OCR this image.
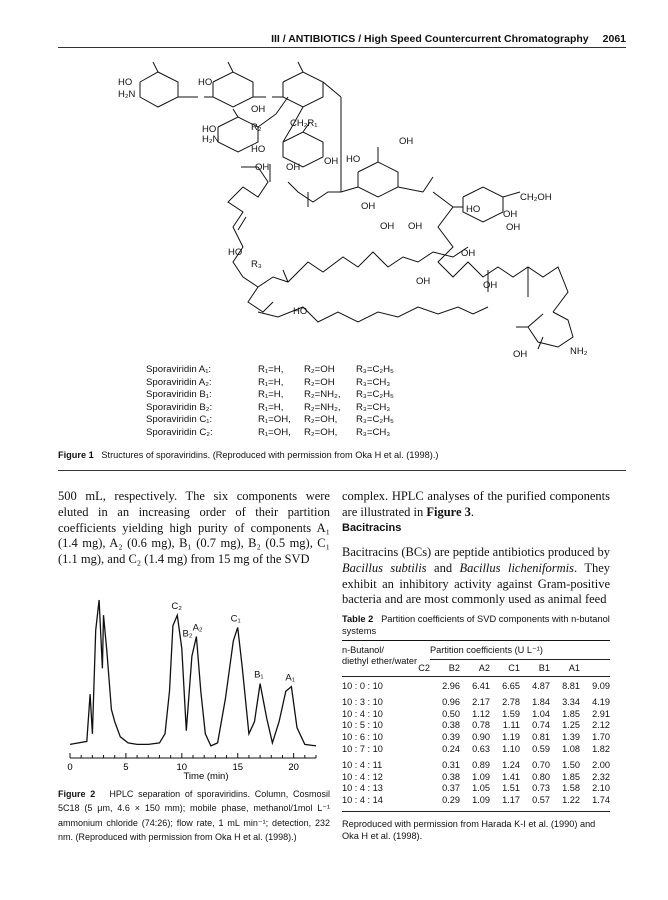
III / ANTIBIOTICS / High Speed Countercurrent Chromatography 2061
HO
H₂N
HO
OH
HO
H₂N
R₂
HO
CH₂R₁
OH
OH OH
HO
OH
OH
CH₂OH
HO OH
OH
OH OH
HO
R₃
OH
OH	OH
HO
NH₂
OH
Sporaviridin A₁:	R₁=H, R₂=OH R₃=C₂H₅
Sporaviridin A₂:	R₁=H, R₂=OH R₃=CH₃
Sporaviridin B₁:	R₁=H, R₂=NH₂, R₃=C₂H₅
Sporaviridin B₂:	R₁=H, R₂=NH₂, R₃=CH₃
Sporaviridin C₁:	R₁=OH, R₂=OH, R₃=C₂H₅
Sporaviridin C₂:	R₁=OH, R₂=OH, R₃=CH₃
Figure 1 Structures of sporaviridins. (Reproduced with permission from Oka H et al. (1998).)
500 mL, respectively. The six components were eluted in an increasing order of their partition coefficients yielding high purity of components A₁ (1.4 mg), A₂ (0.6 mg), B₁ (0.7 mg), B₂ (0.5 mg), C₁ (1.1 mg), and C₂ (1.4 mg) from 15 mg of the SVD
complex. HPLC analyses of the purified components are illustrated in Figure 3.
Bacitracins
Bacitracins (BCs) are peptide antibiotics produced by Bacillus subtilis and Bacillus licheniformis. They exhibit an inhibitory activity against Gram-positive bacteria and are most commonly used as animal feed
0	5	10	15	20
C₂
B₂
A₂
C₁
B₁ A₁
Time (min)
Figure 2 HPLC separation of sporaviridins. Column, Cosmosil 5C18 (5 μm, 4.6 × 150 mm); mobile phase, methanol/1mol L⁻¹ ammonium chloride (74:26); flow rate, 1 mL min⁻¹; detection, 232 nm. (Reproduced with permission from Oka H et al. (1998).)
Table 2 Partition coefficients of SVD components with n-butanol systems
n-Butanol/
diethyl ether/water
Partition coefficients (U L⁻¹)
C2	B2	A2	C1	B1	A1
10 : 0 : 10	2.96	6.41	6.65	4.87	8.81	9.09
10 : 3 : 10	0.96	2.17	2.78	1.84	3.34	4.19
10 : 4 : 10	0.50	1.12	1.59	1.04	1.85	2.91
10 : 5 : 10	0.38	0.78	1.11	0.74	1.25	2.12
10 : 6 : 10	0.39	0.90	1.19	0.81	1.39	1.70
10 : 7 : 10	0.24	0.63	1.10	0.59	1.08	1.82
10 : 4 : 11	0.31	0.89	1.24	0.70	1.50	2.00
10 : 4 : 12	0.38	1.09	1.41	0.80	1.85	2.32
10 : 4 : 13	0.37	1.05	1.51	0.73	1.58	2.10
10 : 4 : 14	0.29	1.09	1.17	0.57	1.22	1.74
Reproduced with permission from Harada K-I et al. (1990) and Oka H et al. (1998).
